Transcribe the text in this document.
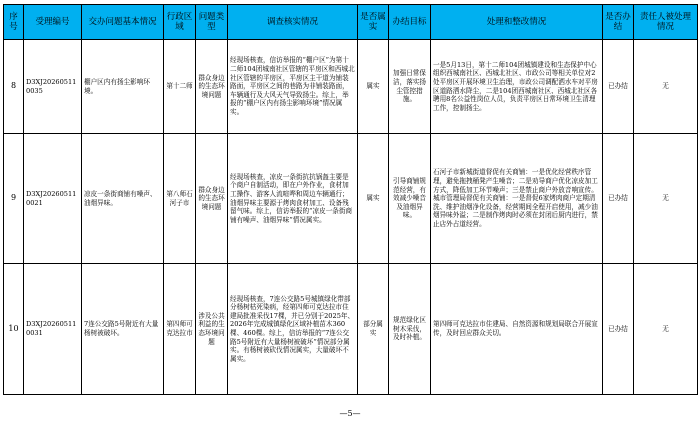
序号	受理编号	交办问题基本情况	行政区域	问题类型	调查核实情况	是否属实	办结目标	处理和整改情况	是否办结	责任人被处理情况
8	D3XJ202605110035	棚户区内有扬尘影响环境。	第十二师	群众身边的生态环境问题	经现场核查，信访举报的“棚户区”为第十二师104团城南社区管辖的平房区和西城北社区管辖的平房区，平房区主干道为铺装路面，平房区之间的巷路为非铺装路面，车辆通行及大风天气导致扬尘。综上，举报的“棚户区内有扬尘影响环境”情况属实。	属实	加强日常保洁，落实扬尘管控措施。	一是5月13日，第十二师104团城镇建设和生态保护中心组织西城南社区、西城北社区、市政公司等相关单位对2处平房区开展环境卫生治理，市政公司调配洒水车对平房区道路洒水降尘，二是104团西城南社区、西城北社区各聘用8名公益性岗位人员，负责平房区日常环境卫生清理工作，控制扬尘。	已办结	无
9	D3XJ202605110021	凉皮一条街商铺有噪声、油烟异味。	第八师石河子市	群众身边的生态环境问题	经现场核查，凉皮一条街抗抗锅盔主要是个商户自制活动，即在户外作业，食材加工操作、游客人流喧哗和周边车辆通行；油烟异味主要源于烤肉食材加工、设备残留气味。综上，信访举报的“凉皮一条街商铺有噪声、油烟异味”情况属实。	属实	引导商铺规范经营，有效减少噪音及油烟异味。	石河子市新城街道督促有关商铺：一是优化经营秩序管理，避免拖拽桶凳产生噪音；二是劝导商户优化凉皮加工方式，降低加工环节噪声；三是禁止商户外放音响宣传。城市管理局督促有关商铺：一是督促6家烤肉商户定期清洗、维护油烟净化设备，经营期间全程开启使用，减少油烟异味外溢；二是制作烤肉时必须在封闭后厨内进行，禁止店外占道经营。	已办结	无
10	D3XJ202605110031	7连公交路5号附近有大量杨树被破坏。	第四师可克达拉市	涉及公共利益的生态环境问题	经现场核查，7连公交路5号城镇绿化带部分杨树枯死染病，经第四师可克达拉市住建局批准采伐17棵，并已分别于2025年、2026年完成城镇绿化区域补植苗木360棵、460棵。综上，信访举报的“7连公交路5号附近有大量杨树被破坏”情况部分属实。有杨树被砍伐情况属实，大量破坏不属实。	部分属实	规范绿化区树木采伐，及时补植。	第四师可克达拉市住建局、自然资源和规划局联合开展宣传，及时回应群众关切。	已办结	无
—5—
